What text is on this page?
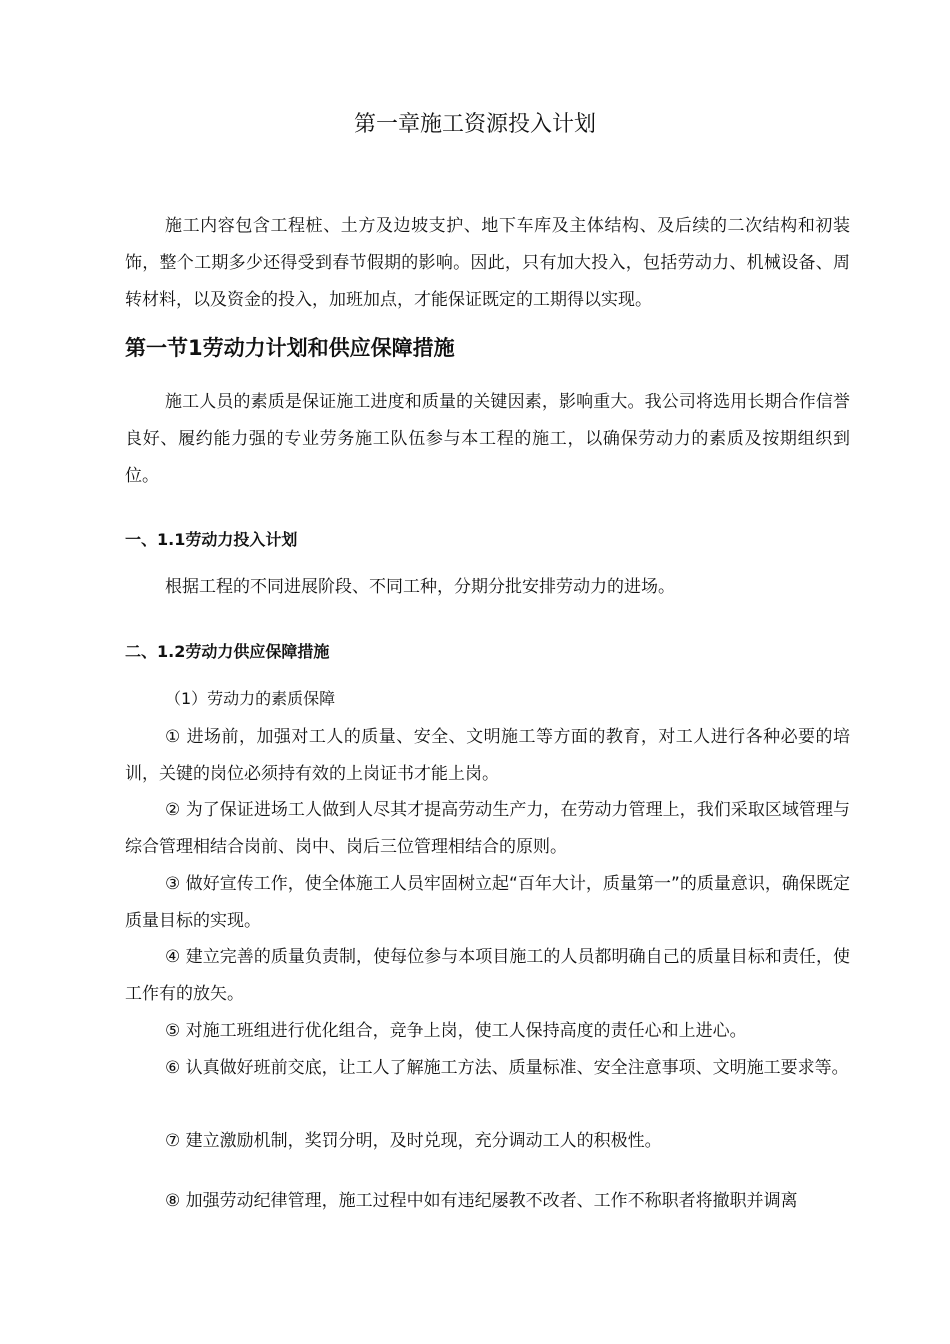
第一章施工资源投入计划

施工内容包含工程桩、土方及边坡支护、地下车库及主体结构、及后续的二次结构和初装饰，整个工期多少还得受到春节假期的影响。因此，只有加大投入，包括劳动力、机械设备、周转材料，以及资金的投入，加班加点，才能保证既定的工期得以实现。

第一节1劳动力计划和供应保障措施

施工人员的素质是保证施工进度和质量的关键因素，影响重大。我公司将选用长期合作信誉良好、履约能力强的专业劳务施工队伍参与本工程的施工，以确保劳动力的素质及按期组织到位。

一、1.1劳动力投入计划

根据工程的不同进展阶段、不同工种，分期分批安排劳动力的进场。

二、1.2劳动力供应保障措施

（1）劳动力的素质保障

① 进场前，加强对工人的质量、安全、文明施工等方面的教育，对工人进行各种必要的培训，关键的岗位必须持有效的上岗证书才能上岗。

② 为了保证进场工人做到人尽其才提高劳动生产力，在劳动力管理上，我们采取区域管理与综合管理相结合岗前、岗中、岗后三位管理相结合的原则。

③ 做好宣传工作，使全体施工人员牢固树立起“百年大计，质量第一”的质量意识，确保既定质量目标的实现。

④ 建立完善的质量负责制，使每位参与本项目施工的人员都明确自己的质量目标和责任，使工作有的放矢。

⑤ 对施工班组进行优化组合，竞争上岗，使工人保持高度的责任心和上进心。

⑥ 认真做好班前交底，让工人了解施工方法、质量标准、安全注意事项、文明施工要求等。

⑦ 建立激励机制，奖罚分明，及时兑现，充分调动工人的积极性。

⑧ 加强劳动纪律管理，施工过程中如有违纪屡教不改者、工作不称职者将撤职并调离
